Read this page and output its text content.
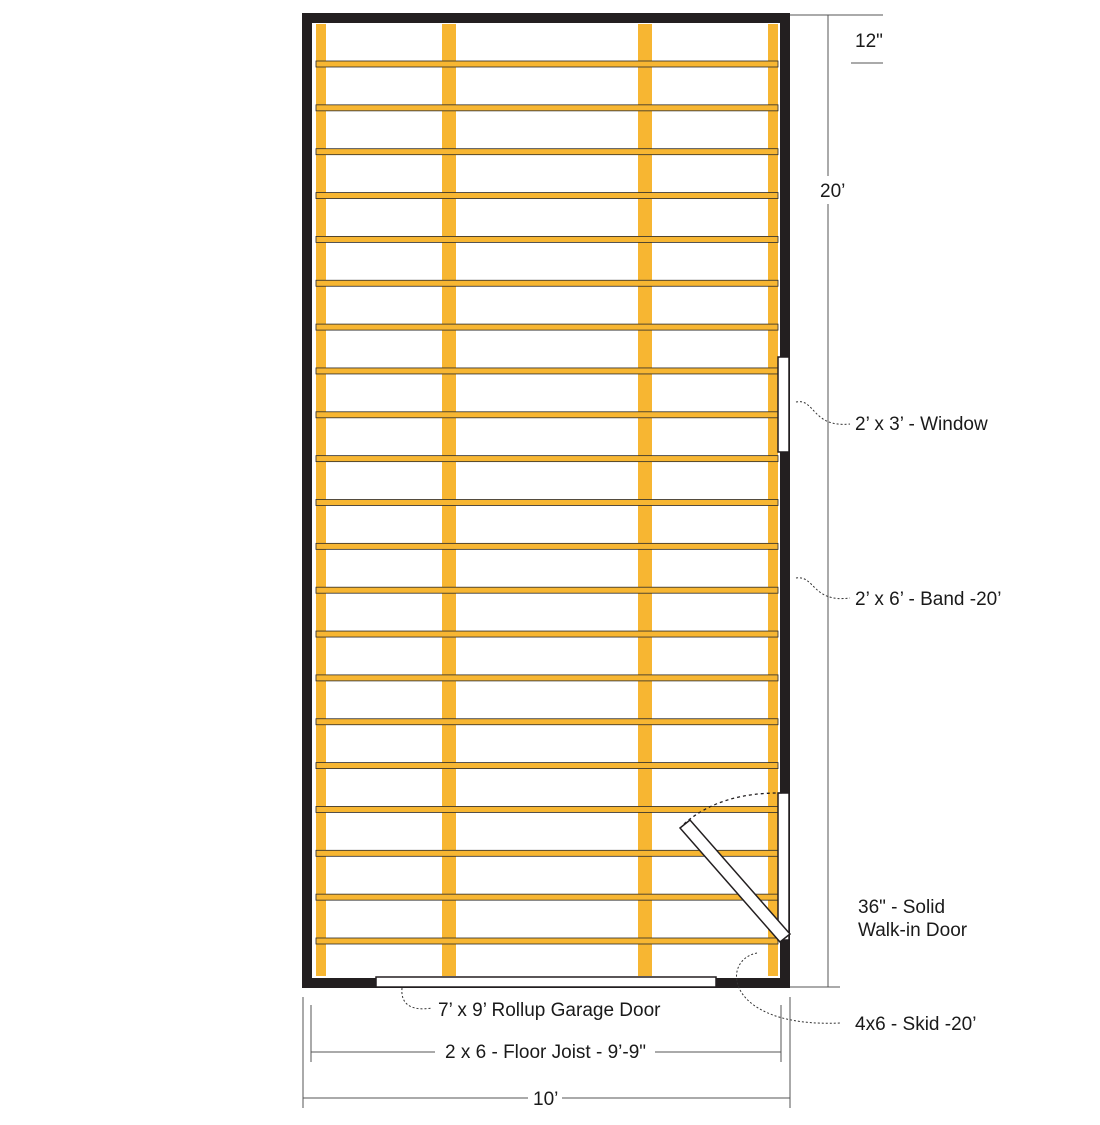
12"
20’
2’ x 3’ - Window
2’ x 6’ - Band -20’
36" - Solid
Walk-in Door
7’ x 9’ Rollup Garage Door
4x6 - Skid -20’
2 x 6 - Floor Joist - 9’-9"
10’
